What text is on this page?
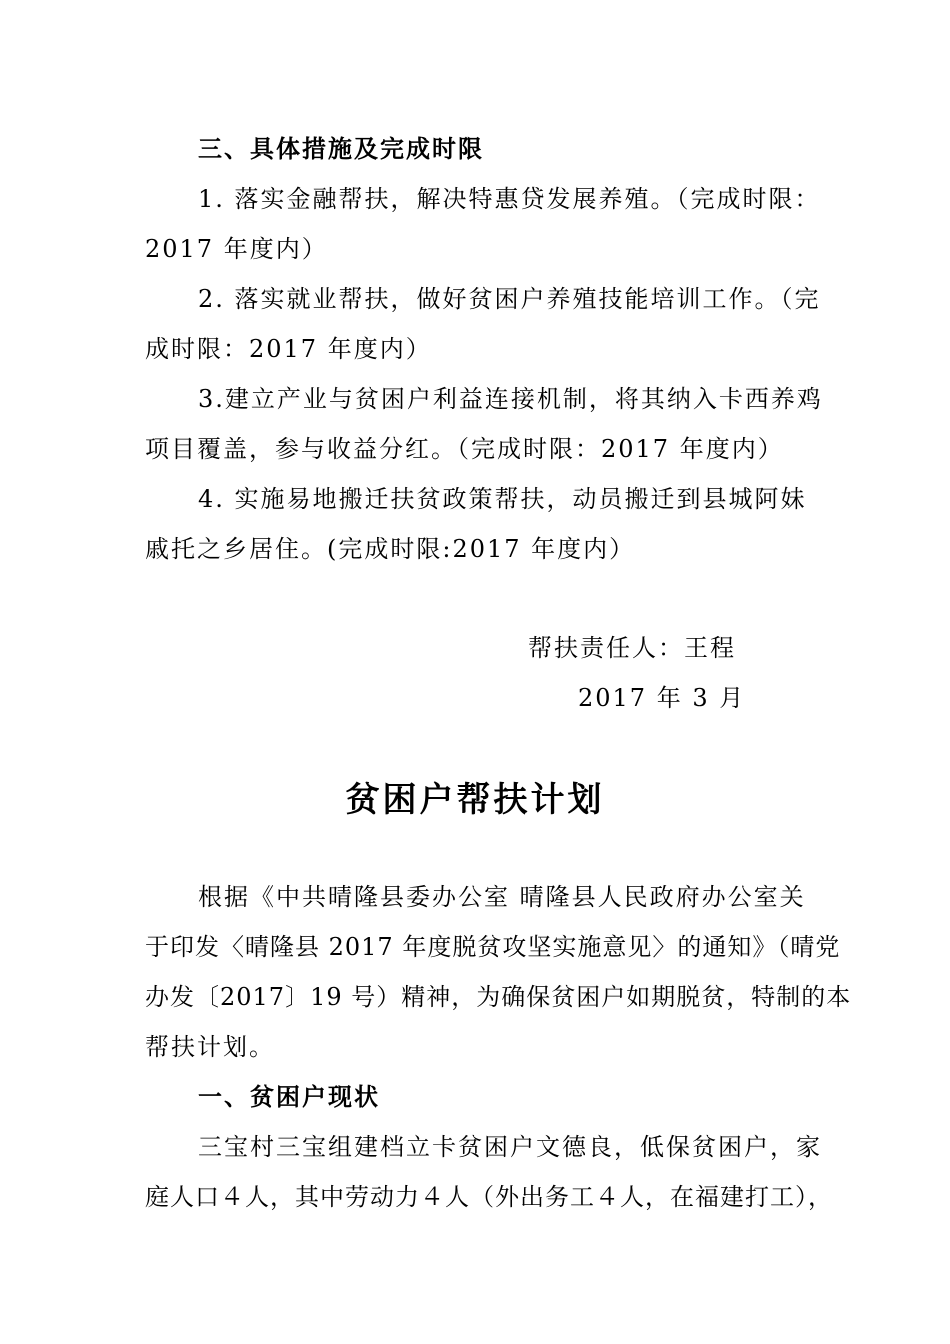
三、具体措施及完成时限
1. 落实金融帮扶，解决特惠贷发展养殖。（完成时限：
2017 年度内）
2. 落实就业帮扶，做好贫困户养殖技能培训工作。（完
成时限：2017 年度内）
3.建立产业与贫困户利益连接机制，将其纳入卡西养鸡
项目覆盖，参与收益分红。（完成时限：2017 年度内）
4. 实施易地搬迁扶贫政策帮扶，动员搬迁到县城阿妹
戚托之乡居住。(完成时限:2017 年度内）
帮扶责任人：王程
2017 年 3 月
贫困户帮扶计划
根据《中共晴隆县委办公室 晴隆县人民政府办公室关
于印发〈晴隆县 2017 年度脱贫攻坚实施意见〉的通知》（晴党
办发〔2017〕19 号）精神，为确保贫困户如期脱贫，特制的本
帮扶计划。
一、贫困户现状
三宝村三宝组建档立卡贫困户文德良，低保贫困户，家
庭人口４人，其中劳动力４人（外出务工４人，在福建打工），
